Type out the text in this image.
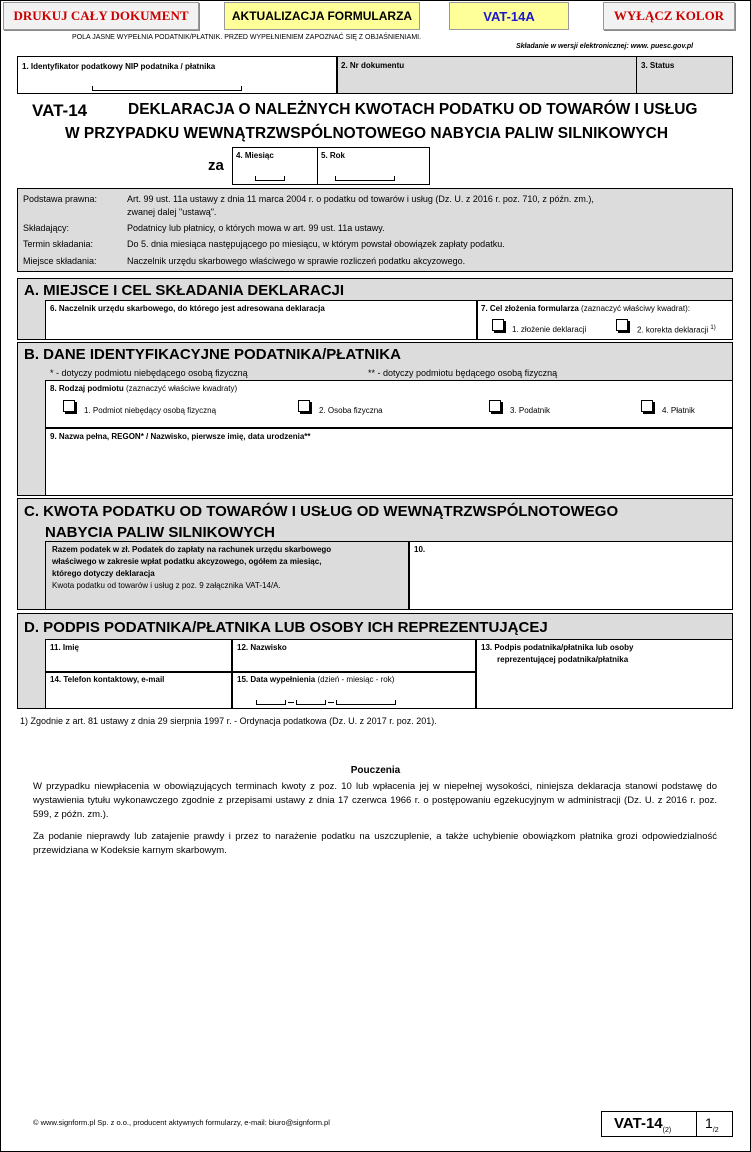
DRUKUJ CAŁY DOKUMENT	AKTUALIZACJA FORMULARZA	VAT-14A	WYŁĄCZ KOLOR
POLA JASNE WYPEŁNIA PODATNIK/PŁATNIK. PRZED WYPEŁNIENIEM ZAPOZNAĆ SIĘ Z OBJAŚNIENIAMI.
Składanie w wersji elektronicznej: www. puesc.gov.pl
1. Identyfikator podatkowy NIP podatnika / płatnika	2. Nr dokumentu	3. Status
VAT-14	DEKLARACJA O NALEŻNYCH KWOTACH PODATKU OD TOWARÓW I USŁUG
W PRZYPADKU WEWNĄTRZWSPÓLNOTOWEGO NABYCIA PALIW SILNIKOWYCH
za
4. Miesiąc	5. Rok
Podstawa prawna:	Art. 99 ust. 11a ustawy z dnia 11 marca 2004 r. o podatku od towarów i usług (Dz. U. z 2016 r. poz. 710, z późn. zm.),
zwanej dalej "ustawą".
Składający:	Podatnicy lub płatnicy, o których mowa w art. 99 ust. 11a ustawy.
Termin składania:	Do 5. dnia miesiąca następującego po miesiącu, w którym powstał obowiązek zapłaty podatku.
Miejsce składania:	Naczelnik urzędu skarbowego właściwego w sprawie rozliczeń podatku akcyzowego.
A. MIEJSCE I CEL SKŁADANIA DEKLARACJI
6. Naczelnik urzędu skarbowego, do którego jest adresowana deklaracja	7. Cel złożenia formularza (zaznaczyć właściwy kwadrat):
1. złożenie deklaracji	2. korekta deklaracji $^{1)}$
B. DANE IDENTYFIKACYJNE PODATNIKA/PŁATNIKA
* - dotyczy podmiotu niebędącego osobą fizyczną	** - dotyczy podmiotu będącego osobą fizyczną
8. Rodzaj podmiotu (zaznaczyć właściwe kwadraty)
1. Podmiot niebędący osobą fizyczną	2. Osoba fizyczna	3. Podatnik	4. Płatnik
9. Nazwa pełna, REGON* / Nazwisko, pierwsze imię, data urodzenia**
C. KWOTA PODATKU OD TOWARÓW I USŁUG OD WEWNĄTRZWSPÓLNOTOWEGO
NABYCIA PALIW SILNIKOWYCH
Razem podatek w zł. Podatek do zapłaty na rachunek urzędu skarbowego
właściwego w zakresie wpłat podatku akcyzowego, ogółem za miesiąc,
którego dotyczy deklaracja
Kwota podatku od towarów i usług z poz. 9 załącznika VAT-14/A.
10.
D. PODPIS PODATNIKA/PŁATNIKA LUB OSOBY ICH REPREZENTUJĄCEJ
11. Imię	12. Nazwisko	13. Podpis podatnika/płatnika lub osoby
reprezentującej podatnika/płatnika
14. Telefon kontaktowy, e-mail	15. Data wypełnienia (dzień - miesiąc - rok)
1) Zgodnie z art. 81 ustawy z dnia 29 sierpnia 1997 r. - Ordynacja podatkowa (Dz. U. z 2017 r. poz. 201).
Pouczenia
W przypadku niewpłacenia w obowiązujących terminach kwoty z poz. 10 lub wpłacenia jej w niepełnej wysokości, niniejsza deklaracja stanowi podstawę do wystawienia tytułu wykonawczego zgodnie z przepisami ustawy z dnia 17 czerwca 1966 r. o postępowaniu egzekucyjnym w administracji (Dz. U. z 2016 r. poz. 599, z późn. zm.).
Za podanie nieprawdy lub zatajenie prawdy i przez to narażenie podatku na uszczuplenie, a także uchybienie obowiązkom płatnika grozi odpowiedzialność przewidziana w Kodeksie karnym skarbowym.
© www.signform.pl Sp. z o.o., producent aktywnych formularzy, e-mail: biuro@signform.pl	VAT-$14_{(2)}$ $1_{/2}$
